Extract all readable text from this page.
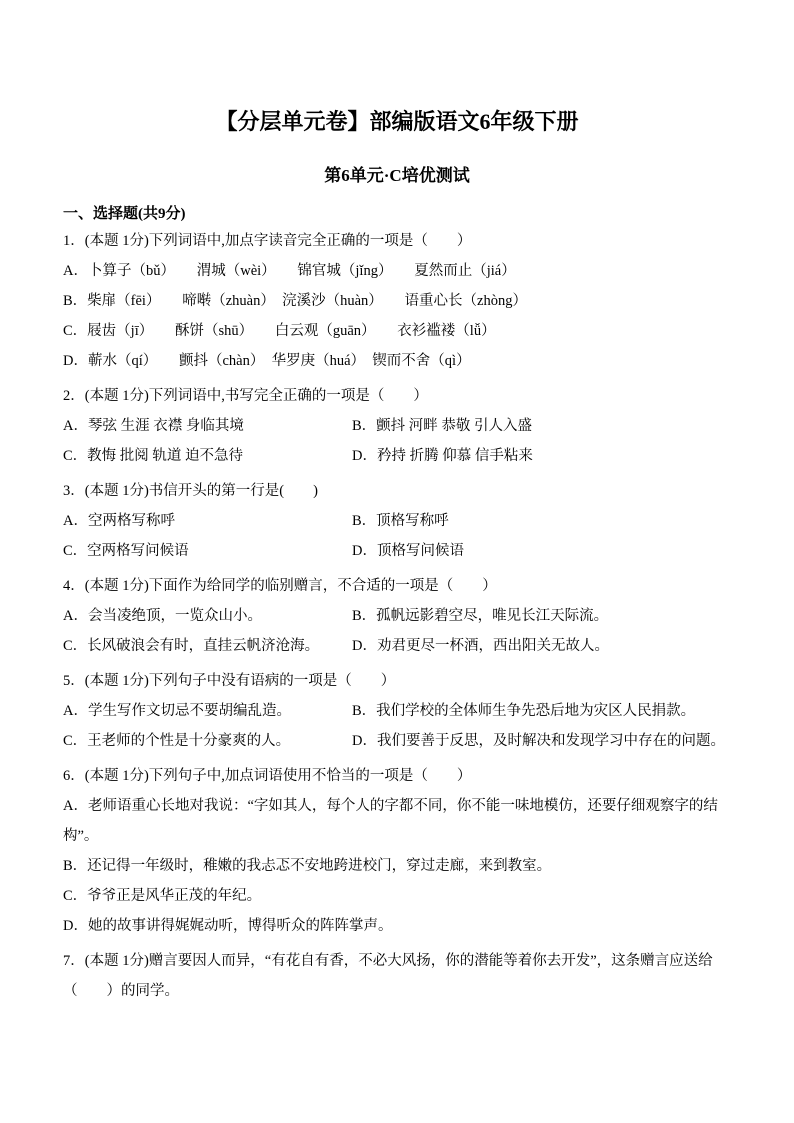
【分层单元卷】部编版语文6年级下册
第6单元·C培优测试
一、选择题(共9分)
1．(本题 1分)下列词语中,加点字读音完全正确的一项是（　　）
A．卜算子（bǔ）　　渭城（wèi）　　锦官城（jǐng）　　夏然而止（jiá）
B．柴扉（fēi）　　啼啭（zhuàn）　浣溪沙（huàn）　　语重心长（zhòng）
C．屐齿（jī）　　酥饼（shū）　　白云观（guān）　　衣衫褴褛（lǚ）
D．蕲水（qí）　　颤抖（chàn）　华罗庚（huá）　锲而不舍（qì）
2．(本题 1分)下列词语中,书写完全正确的一项是（　　）
A．琴弦 生涯 衣襟 身临其境	B．颤抖 河畔 恭敬 引人入盛
C．教悔 批阅 轨道 迫不急待	D．矜持 折腾 仰慕 信手粘来
3．(本题 1分)书信开头的第一行是(　　)
A．空两格写称呼	B．顶格写称呼
C．空两格写问候语	D．顶格写问候语
4．(本题 1分)下面作为给同学的临别赠言，不合适的一项是（　　）
A．会当凌绝顶，一览众山小。	B．孤帆远影碧空尽，唯见长江天际流。
C．长风破浪会有时，直挂云帆济沧海。	D．劝君更尽一杯酒，西出阳关无故人。
5．(本题 1分)下列句子中没有语病的一项是（　　）
A．学生写作文切忌不要胡编乱造。	B．我们学校的全体师生争先恐后地为灾区人民捐款。
C．王老师的个性是十分豪爽的人。	D．我们要善于反思，及时解决和发现学习中存在的问题。
6．(本题 1分)下列句子中,加点词语使用不恰当的一项是（　　）
A．老师语重心长地对我说：“字如其人，每个人的字都不同，你不能一味地模仿，还要仔细观察字的结构”。
B．还记得一年级时，稚嫩的我忐忑不安地跨进校门，穿过走廊，来到教室。
C．爷爷正是风华正茂的年纪。
D．她的故事讲得娓娓动听，博得听众的阵阵掌声。
7．(本题 1分)赠言要因人而异，“有花自有香，不必大风扬，你的潜能等着你去开发”，这条赠言应送给（　　）的同学。
